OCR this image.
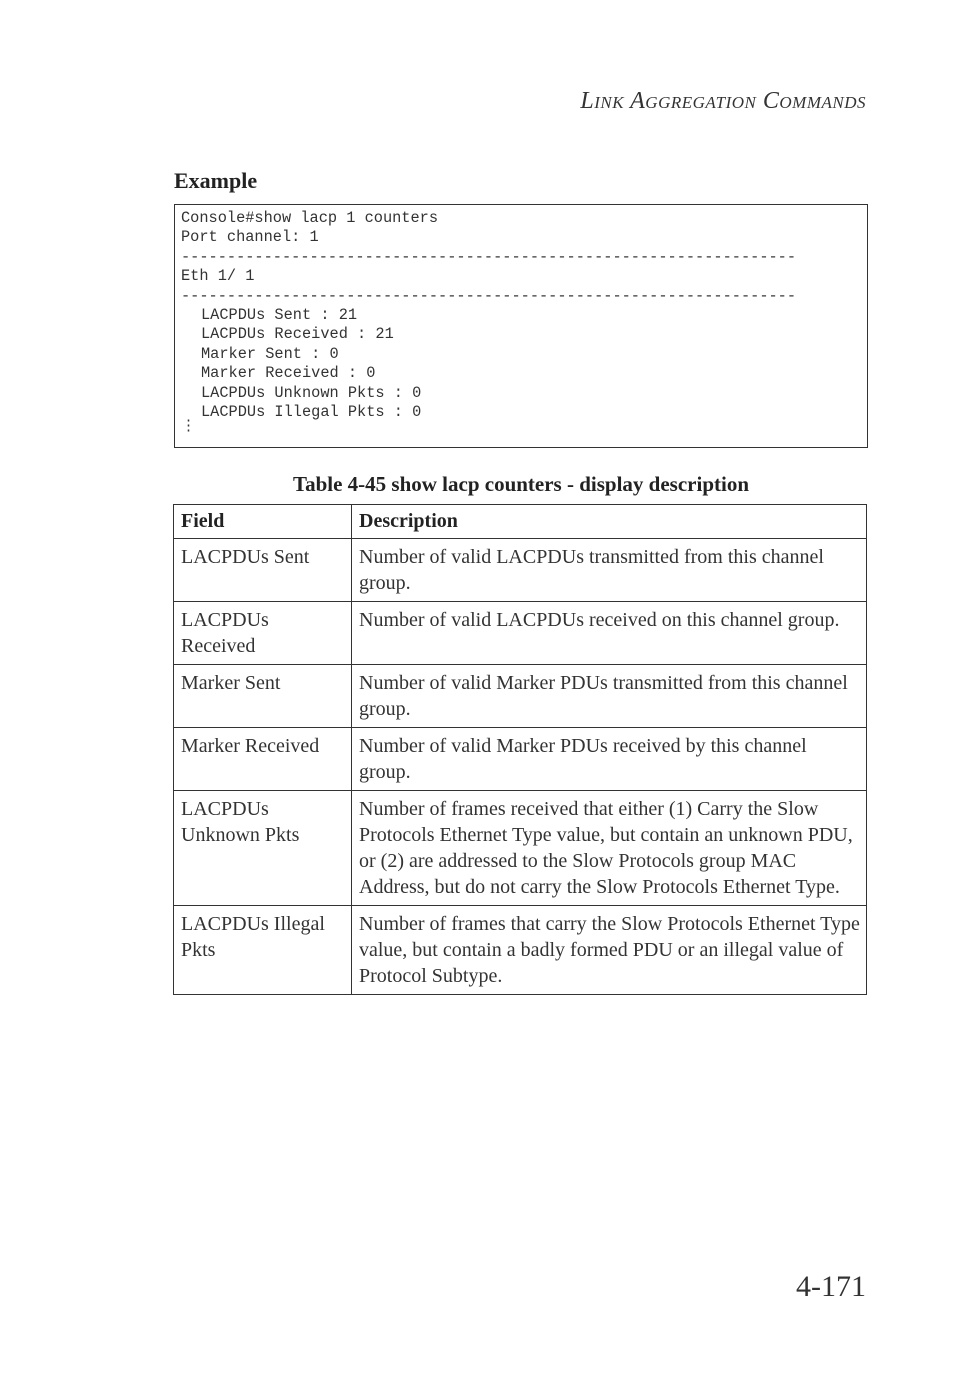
Link Aggregation Commands
Example
Console#show lacp 1 counters
Port channel: 1
-------------------------------------------------------------------
Eth 1/ 1
-------------------------------------------------------------------
LACPDUs Sent : 21
LACPDUs Received : 21
Marker Sent : 0
Marker Received : 0
LACPDUs Unknown Pkts : 0
LACPDUs Illegal Pkts : 0
⋮
Table 4-45 show lacp counters - display description
Field	Description
LACPDUs Sent	Number of valid LACPDUs transmitted from this channel group.
LACPDUs Received	Number of valid LACPDUs received on this channel group.
Marker Sent	Number of valid Marker PDUs transmitted from this channel group.
Marker Received	Number of valid Marker PDUs received by this channel group.
LACPDUs Unknown Pkts	Number of frames received that either (1) Carry the Slow Protocols Ethernet Type value, but contain an unknown PDU, or (2) are addressed to the Slow Protocols group MAC Address, but do not carry the Slow Protocols Ethernet Type.
LACPDUs Illegal Pkts	Number of frames that carry the Slow Protocols Ethernet Type value, but contain a badly formed PDU or an illegal value of Protocol Subtype.
4-171
